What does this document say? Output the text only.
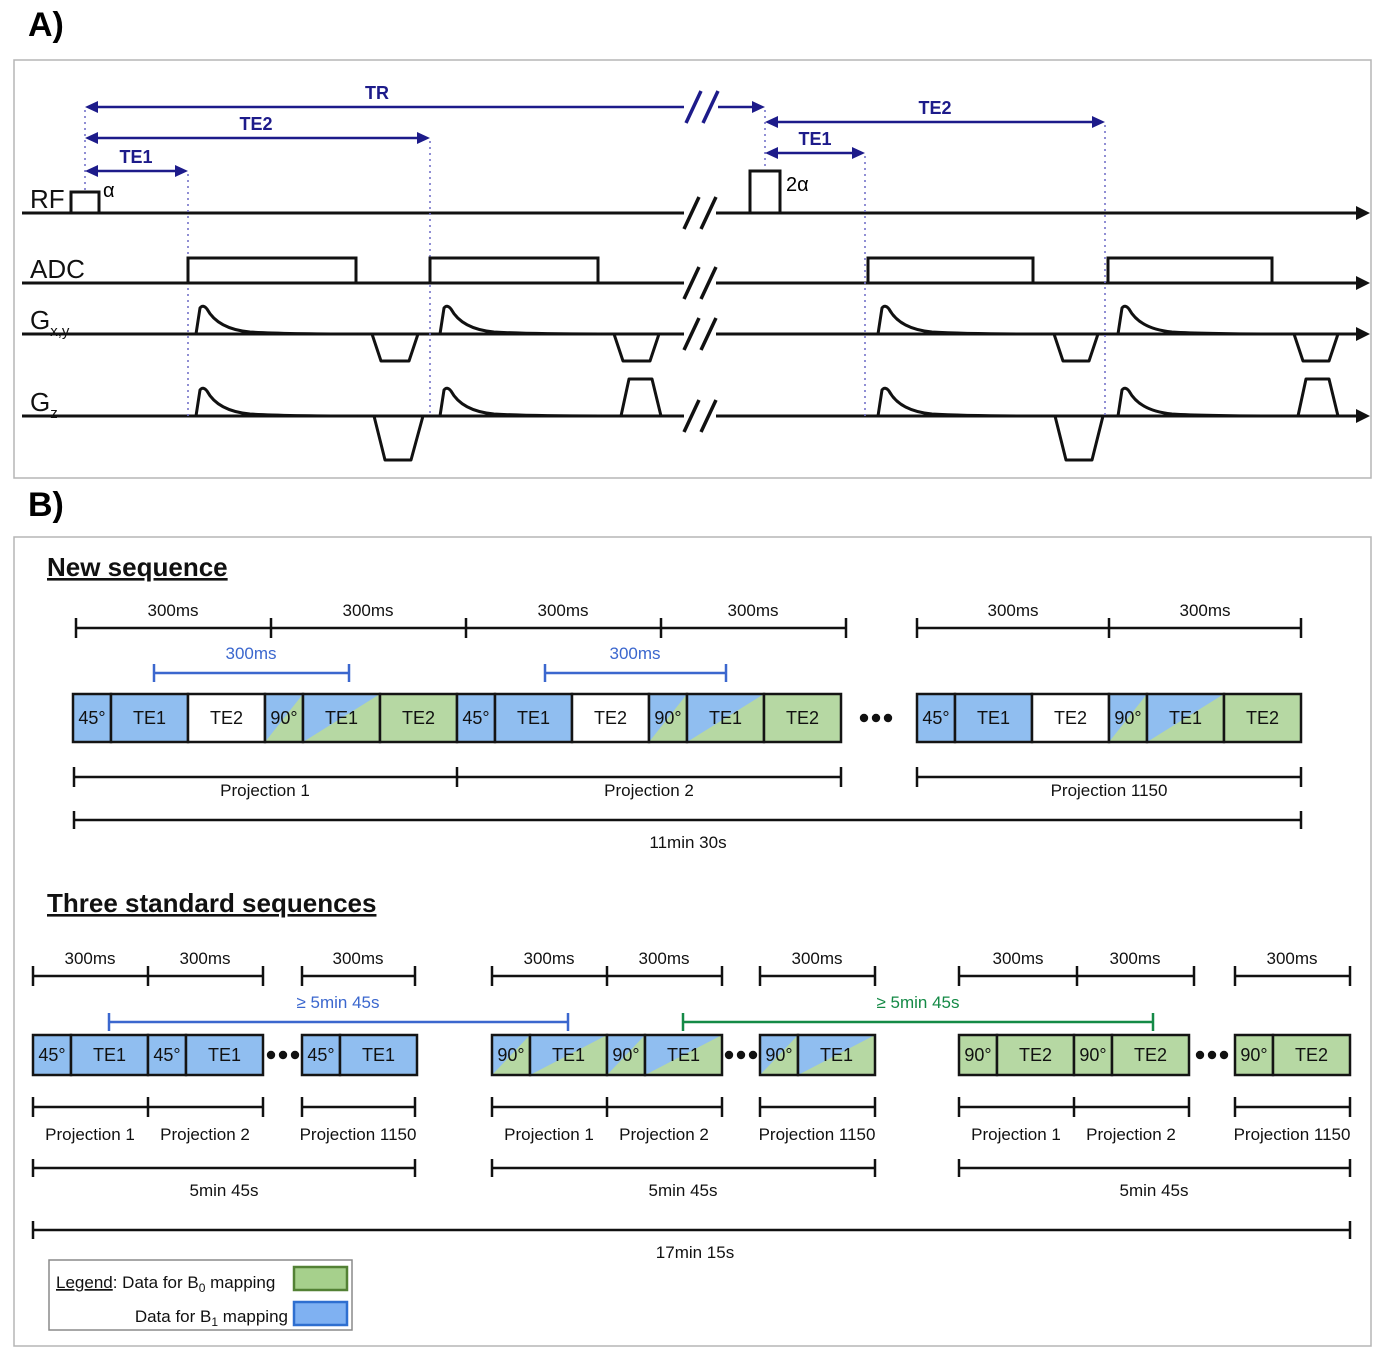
A)
B)
RF
ADC
$G_{x,y}$
$G_z$
TR
TE2
TE1
TE2
TE1
α	2α
New sequence
300ms	300ms	300ms	300ms	300ms	300ms
300ms	300ms
45° TE1 TE2 90° TE1 TE2 45° TE1 TE2 90° TE1 TE2	45° TE1 TE2 90° TE1 TE2
Projection 1	Projection 2	Projection 1150
11min 30s
Three standard sequences
300ms	300ms	300ms	300ms	300ms	300ms	300ms	300ms	300ms
≥ 5min 45s	≥ 5min 45s
45° TE1 45° TE1	45° TE1	90° TE1 90° TE1	90° TE1	90° TE2 90° TE2	90° TE2
Projection 1 Projection 2	Projection 1150	Projection 1 Projection 2	Projection 1150	Projection 1 Projection 2	Projection 1150
5min 45s	5min 45s	5min 45s
17min 15s
Legend: Data for $B_0$ mapping
Data for $B_1$ mapping
